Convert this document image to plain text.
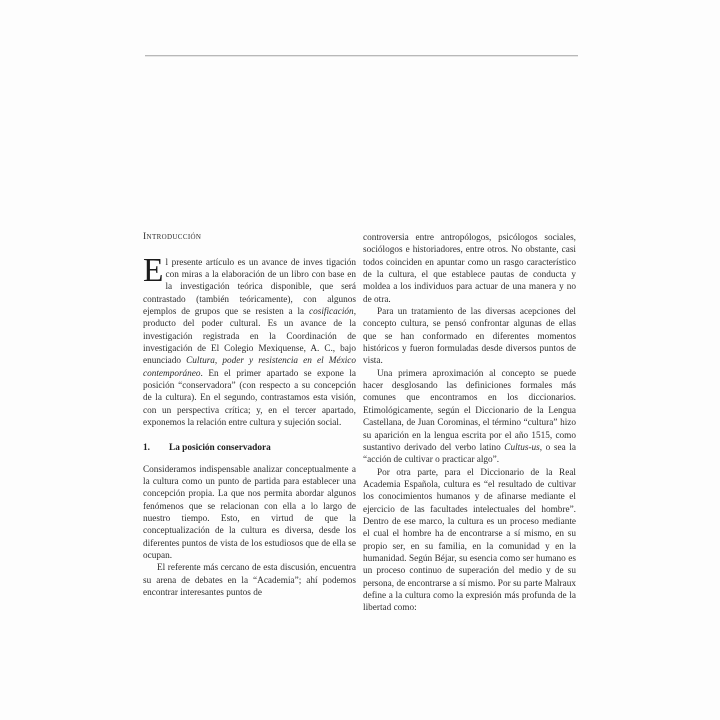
Introducción

El presente artículo es un avance de inves tigación con miras a la elaboración de un libro con base en la investigación teórica disponible, que será contrastado (también teóricamente), con algunos ejemplos de grupos que se resisten a la cosificación, producto del poder cultural. Es un avance de la investigación registrada en la Coordinación de investigación de El Colegio Mexiquense, A. C., bajo enunciado Cultura, poder y resistencia en el México contemporáneo. En el primer apartado se expone la posición “conservadora” (con respecto a su concepción de la cultura). En el segundo, contrastamos esta visión, con un perspectiva crítica; y, en el tercer apartado, exponemos la relación entre cultura y sujeción social.

1. La posición conservadora

Consideramos indispensable analizar conceptualmente a la cultura como un punto de partida para establecer una concepción propia. La que nos permita abordar algunos fenómenos que se relacionan con ella a lo largo de nuestro tiempo. Esto, en virtud de que la conceptualización de la cultura es diversa, desde los diferentes puntos de vista de los estudiosos que de ella se ocupan.

El referente más cercano de esta discusión, encuentra su arena de debates en la “Academia”; ahí podemos encontrar interesantes puntos de

controversia entre antropólogos, psicólogos sociales, sociólogos e historiadores, entre otros. No obstante, casi todos coinciden en apuntar como un rasgo característico de la cultura, el que establece pautas de conducta y moldea a los individuos para actuar de una manera y no de otra.

Para un tratamiento de las diversas acepciones del concepto cultura, se pensó confrontar algunas de ellas que se han conformado en diferentes momentos históricos y fueron formuladas desde diversos puntos de vista.

Una primera aproximación al concepto se puede hacer desglosando las definiciones formales más comunes que encontramos en los diccionarios. Etimológicamente, según el Diccionario de la Lengua Castellana, de Juan Corominas, el término “cultura” hizo su aparición en la lengua escrita por el año 1515, como sustantivo derivado del verbo latino Cultus-us, o sea la “acción de cultivar o practicar algo”.

Por otra parte, para el Diccionario de la Real Academia Española, cultura es “el resultado de cultivar los conocimientos humanos y de afinarse mediante el ejercicio de las facultades intelectuales del hombre”. Dentro de ese marco, la cultura es un proceso mediante el cual el hombre ha de encontrarse a sí mismo, en su propio ser, en su familia, en la comunidad y en la humanidad. Según Béjar, su esencia como ser humano es un proceso continuo de superación del medio y de su persona, de encontrarse a sí mismo. Por su parte Malraux define a la cultura como la expresión más profunda de la libertad como:
